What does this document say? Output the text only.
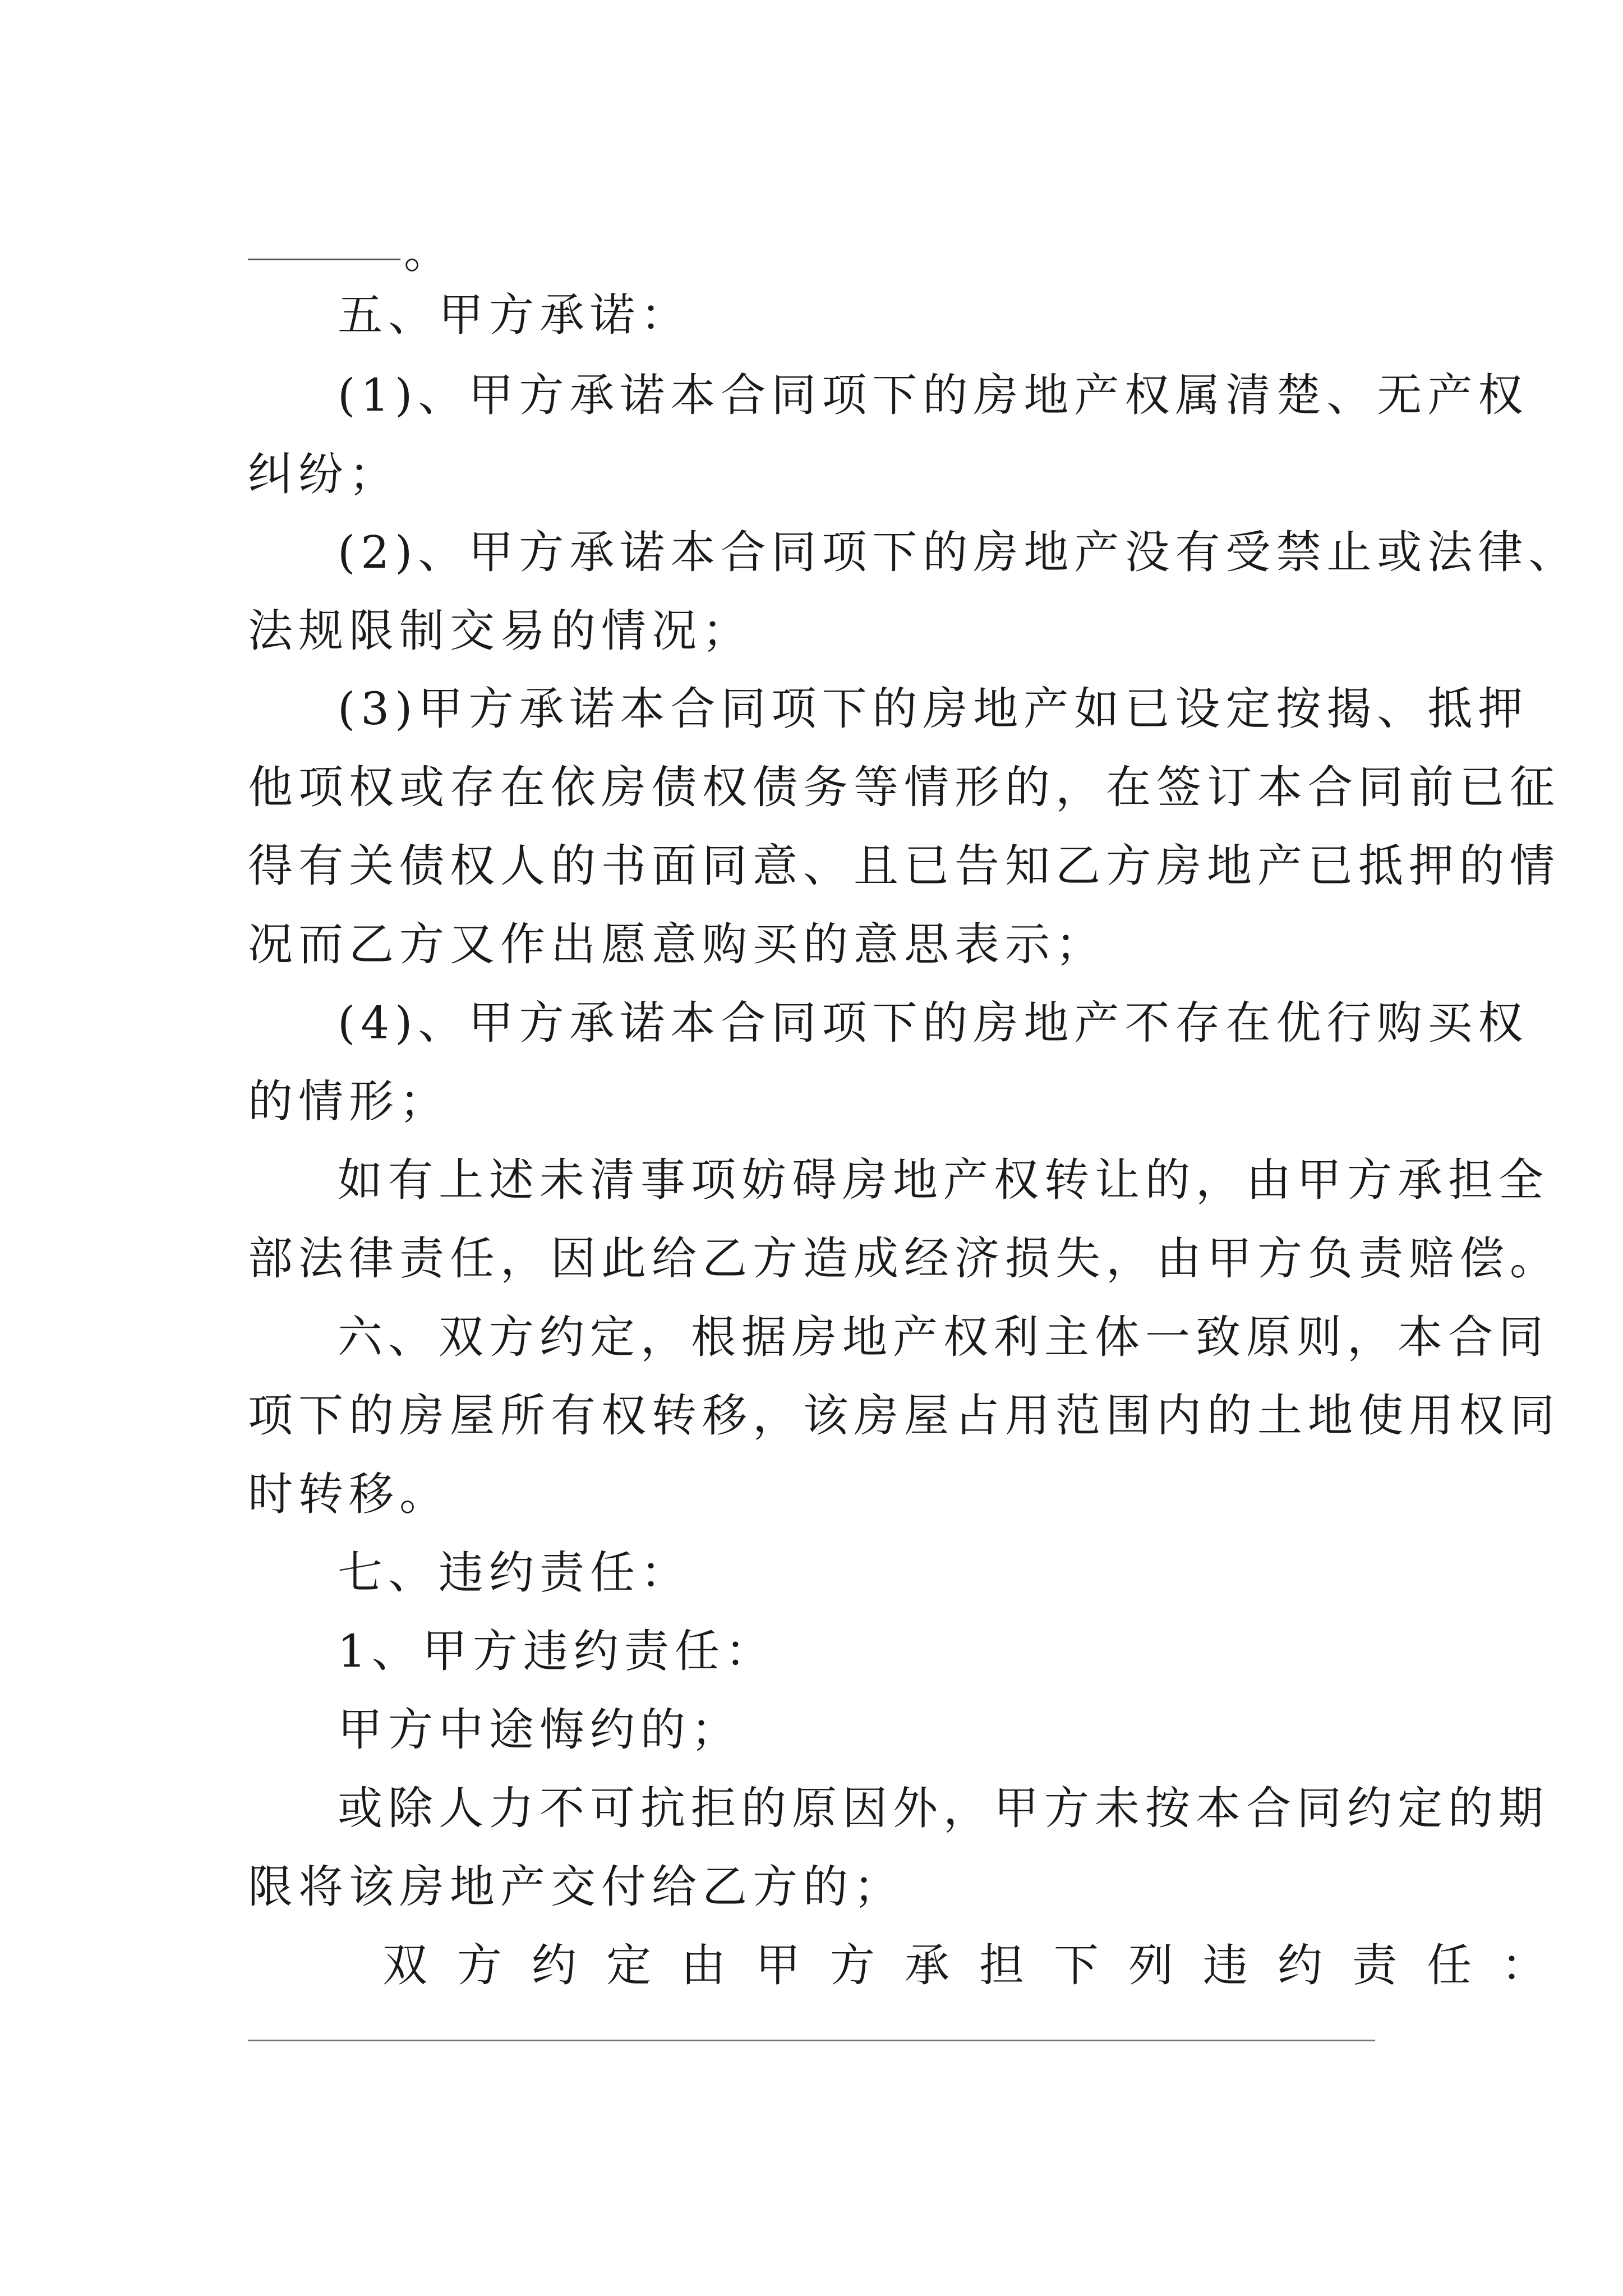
。
五、甲方承诺：
(1)、甲方承诺本合同项下的房地产权属清楚、无产权
纠纷；
(2)、甲方承诺本合同项下的房地产没有受禁止或法律、
法规限制交易的情况；
(3)甲方承诺本合同项下的房地产如已设定按揭、抵押
他项权或存在依房债权债务等情形的，在签订本合同前已征
得有关债权人的书面同意、且已告知乙方房地产已抵押的情
况而乙方又作出愿意购买的意思表示；
(4)、甲方承诺本合同项下的房地产不存在优行购买权
的情形；
如有上述未清事项妨碍房地产权转让的，由甲方承担全
部法律责任，因此给乙方造成经济损失，由甲方负责赔偿。
六、双方约定，根据房地产权利主体一致原则，本合同
项下的房屋所有权转移，该房屋占用范围内的土地使用权同
时转移。
七、违约责任：
1、甲方违约责任：
甲方中途悔约的；
或除人力不可抗拒的原因外，甲方未按本合同约定的期
限将该房地产交付给乙方的；
双方约定由甲方承担下列违约责任：
